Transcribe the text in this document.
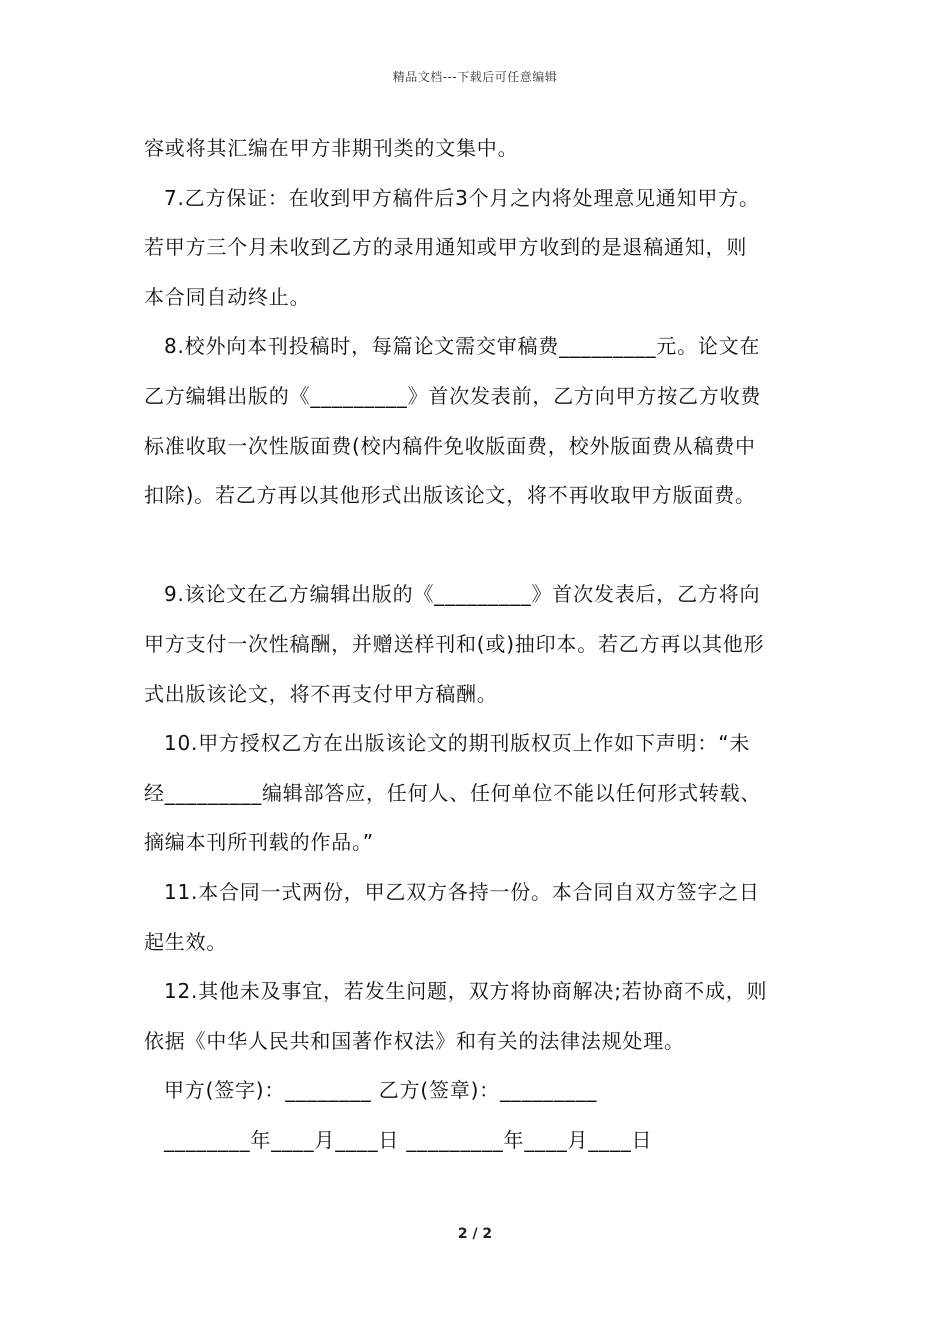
精品文档---下载后可任意编辑
容或将其汇编在甲方非期刊类的文集中。
7.乙方保证：在收到甲方稿件后3个月之内将处理意见通知甲方。
若甲方三个月未收到乙方的录用通知或甲方收到的是退稿通知，则
本合同自动终止。
8.校外向本刊投稿时，每篇论文需交审稿费_________元。论文在
乙方编辑出版的《_________》首次发表前，乙方向甲方按乙方收费
标准收取一次性版面费(校内稿件免收版面费，校外版面费从稿费中
扣除)。若乙方再以其他形式出版该论文，将不再收取甲方版面费。
9.该论文在乙方编辑出版的《_________》首次发表后，乙方将向
甲方支付一次性稿酬，并赠送样刊和(或)抽印本。若乙方再以其他形
式出版该论文，将不再支付甲方稿酬。
10.甲方授权乙方在出版该论文的期刊版权页上作如下声明：“未
经_________编辑部答应，任何人、任何单位不能以任何形式转载、
摘编本刊所刊载的作品。”
11.本合同一式两份，甲乙双方各持一份。本合同自双方签字之日
起生效。
12.其他未及事宜，若发生问题，双方将协商解决;若协商不成，则
依据《中华人民共和国著作权法》和有关的法律法规处理。
甲方(签字)：________ 乙方(签章)：_________
________年____月____日 _________年____月____日
2 / 2
